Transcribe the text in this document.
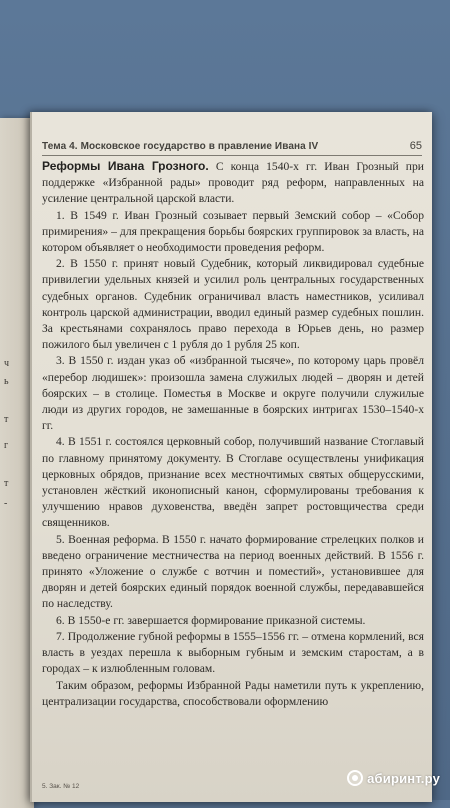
ч
ь
т
г
т
-
Тема 4. Московское государство в правление Ивана IV	65

Реформы Ивана Грозного. С конца 1540-х гг. Иван Грозный при поддержке «Избранной рады» проводит ряд реформ, направленных на усиление центральной царской власти.

1. В 1549 г. Иван Грозный созывает первый Земский собор – «Собор примирения» – для прекращения борьбы боярских группировок за власть, на котором объявляет о необходимости проведения реформ.

2. В 1550 г. принят новый Судебник, который ликвидировал судебные привилегии удельных князей и усилил роль центральных государственных судебных органов. Судебник ограничивал власть наместников, усиливал контроль царской администрации, вводил единый размер судебных пошлин. За крестьянами сохранялось право перехода в Юрьев день, но размер пожилого был увеличен с 1 рубля до 1 рубля 25 коп.

3. В 1550 г. издан указ об «избранной тысяче», по которому царь провёл «перебор людишек»: произошла замена служилых людей – дворян и детей боярских – в столице. Поместья в Москве и округе получили служилые люди из других городов, не замешанные в боярских интригах 1530–1540-х гг.

4. В 1551 г. состоялся церковный собор, получивший название Стоглавый по главному принятому документу. В Стоглаве осуществлены унификация церковных обрядов, признание всех местночтимых святых общерусскими, установлен жёсткий иконописный канон, сформулированы требования к улучшению нравов духовенства, введён запрет ростовщичества среди священников.

5. Военная реформа. В 1550 г. начато формирование стрелецких полков и введено ограничение местничества на период военных действий. В 1556 г. принято «Уложение о службе с вотчин и поместий», установившее для дворян и детей боярских единый порядок военной службы, передававшейся по наследству.

6. В 1550-е гг. завершается формирование приказной системы.

7. Продолжение губной реформы в 1555–1556 гг. – отмена кормлений, вся власть в уездах перешла к выборным губным и земским старостам, а в городах – к излюбленным головам.

Таким образом, реформы Избранной Рады наметили путь к укреплению, централизации государства, способствовали оформлению

5. Зак. № 12
абиринт.ру
